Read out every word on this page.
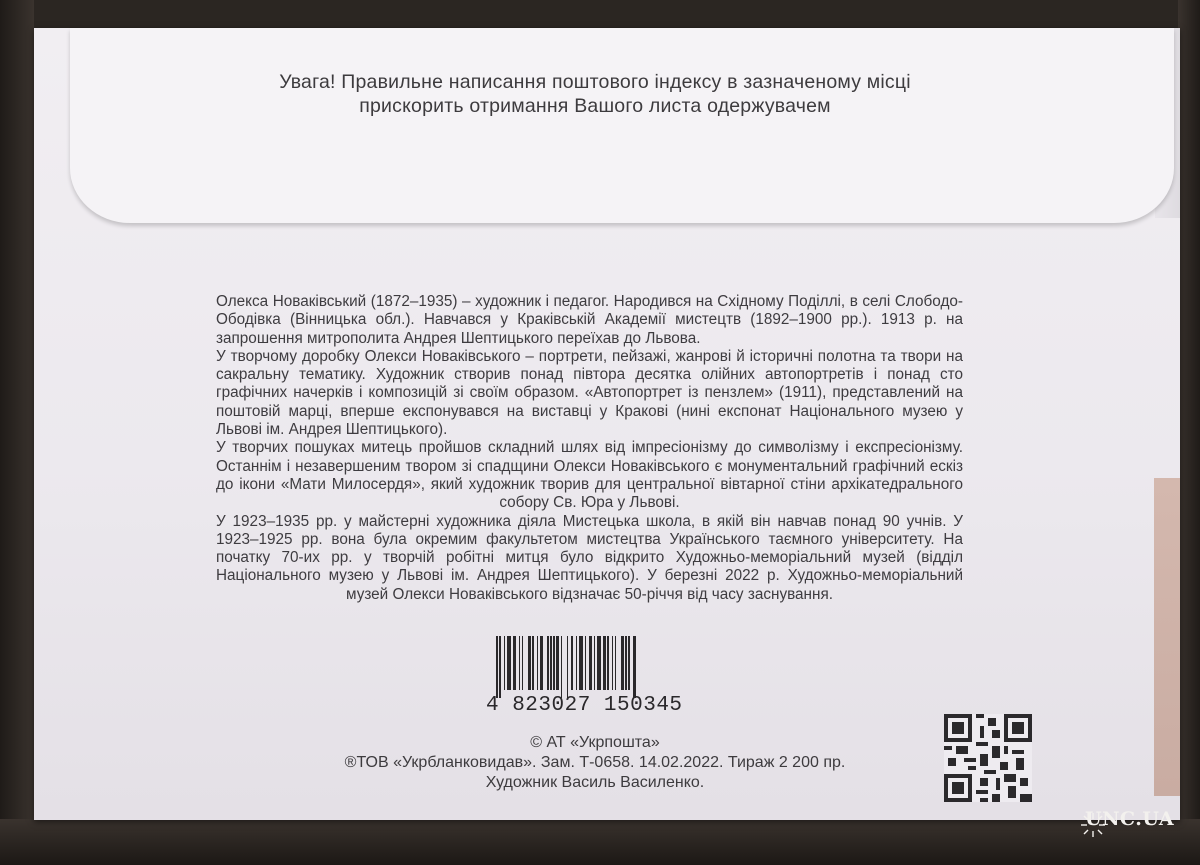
Увага! Правильне написання поштового індексу в зазначеному місці
прискорить отримання Вашого листа одержувачем

Олекса Новаківський (1872–1935) – художник і педагог. Народився на Східному Поділлі, в селі Слободо-Ободівка (Вінницька обл.). Навчався у Краківській Академії мистецтв (1892–1900 рр.). 1913 р. на запрошення митрополита Андрея Шептицького переїхав до Львова.

У творчому доробку Олекси Новаківського – портрети, пейзажі, жанрові й історичні полотна та твори на сакральну тематику. Художник створив понад півтора десятка олійних автопортретів і понад сто графічних начерків і композицій зі своїм образом. «Автопортрет із пензлем» (1911), представлений на поштовій марці, вперше експонувався на виставці у Кракові (нині експонат Національного музею у Львові ім. Андрея Шептицького).

У творчих пошуках митець пройшов складний шлях від імпресіонізму до символізму і експресіонізму. Останнім і незавершеним твором зі спадщини Олекси Новаківського є монументальний графічний ескіз до ікони «Мати Милосердя», який художник творив для центральної вівтарної стіни архікатедрального собору Св. Юра у Львові.

У 1923–1935 рр. у майстерні художника діяла Мистецька школа, в якій він навчав понад 90 учнів. У 1923–1925 рр. вона була окремим факультетом мистецтва Українського таємного університету. На початку 70-их рр. у творчій робітні митця було відкрито Художньо-меморіальний музей (відділ Національного музею у Львові ім. Андрея Шептицького). У березні 2022 р. Художньо-меморіальний музей Олекси Новаківського відзначає 50-річчя від часу заснування.

4 823027 150345
© АТ «Укрпошта»
®ТОВ «Укрбланковидав». Зам. Т-0658. 14.02.2022. Тираж 2 200 пр.
Художник Василь Василенко.
UNC.UA
